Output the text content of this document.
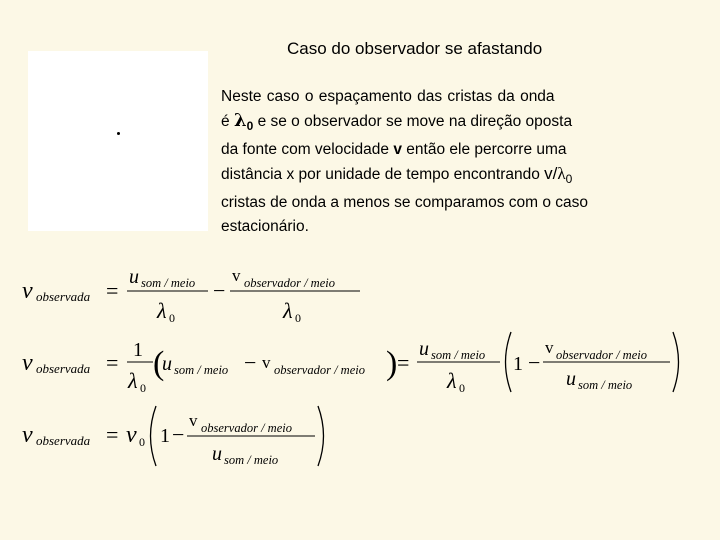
Caso do observador se afastando
Neste caso o espaçamento das cristas da onda
é $\lambda_0$ e se o observador se move na direção oposta
da fonte com velocidade v então ele percorre uma
distância x por unidade de tempo encontrando $v/\lambda_0$
cristas de onda a menos se comparamos com o caso
estacionário.
ν observada =
u som / meio
λ 0
−
v observador / meio
λ 0
ν observada = 1
λ 0
(
u som / meio − v observador / meio ) =
u som / meio
λ 0
1 −
v observador / meio
u som / meio
ν observada = ν 0 1 −
v observador / meio
u som / meio
